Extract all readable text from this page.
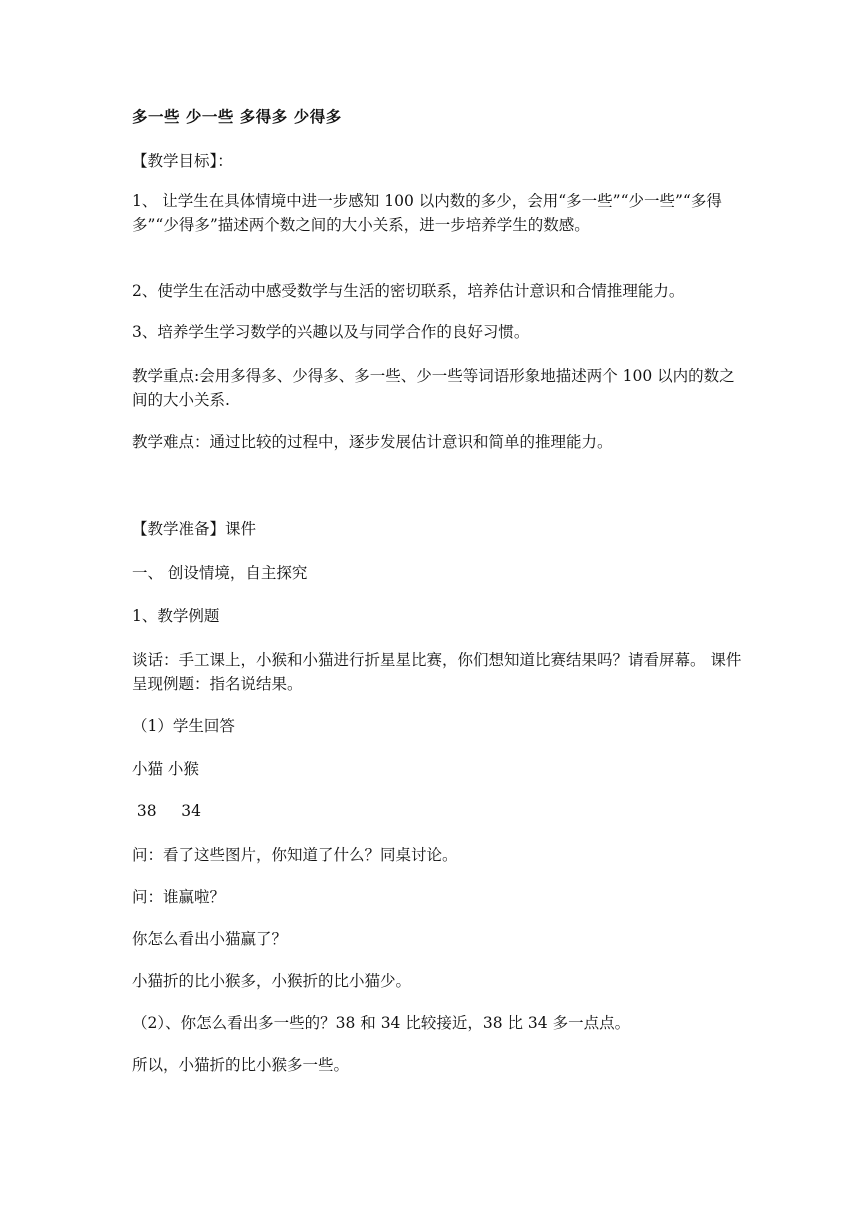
多一些 少一些 多得多 少得多
【教学目标】：
1、 让学生在具体情境中进一步感知 100 以内数的多少，会用“多一些”“少一些”“多得多”“少得多”描述两个数之间的大小关系，进一步培养学生的数感。
2、使学生在活动中感受数学与生活的密切联系，培养估计意识和合情推理能力。
3、培养学生学习数学的兴趣以及与同学合作的良好习惯。
教学重点:会用多得多、少得多、多一些、少一些等词语形象地描述两个 100 以内的数之间的大小关系.
教学难点：通过比较的过程中，逐步发展估计意识和简单的推理能力。
【教学准备】课件
一、 创设情境，自主探究
1、教学例题
谈话：手工课上，小猴和小猫进行折星星比赛，你们想知道比赛结果吗？请看屏幕。 课件呈现例题：指名说结果。
（1）学生回答
小猫 小猴
38     34
问：看了这些图片，你知道了什么？同桌讨论。
问：谁赢啦？
你怎么看出小猫赢了？
小猫折的比小猴多，小猴折的比小猫少。
（2）、你怎么看出多一些的？38 和 34 比较接近，38 比 34 多一点点。
所以，小猫折的比小猴多一些。
